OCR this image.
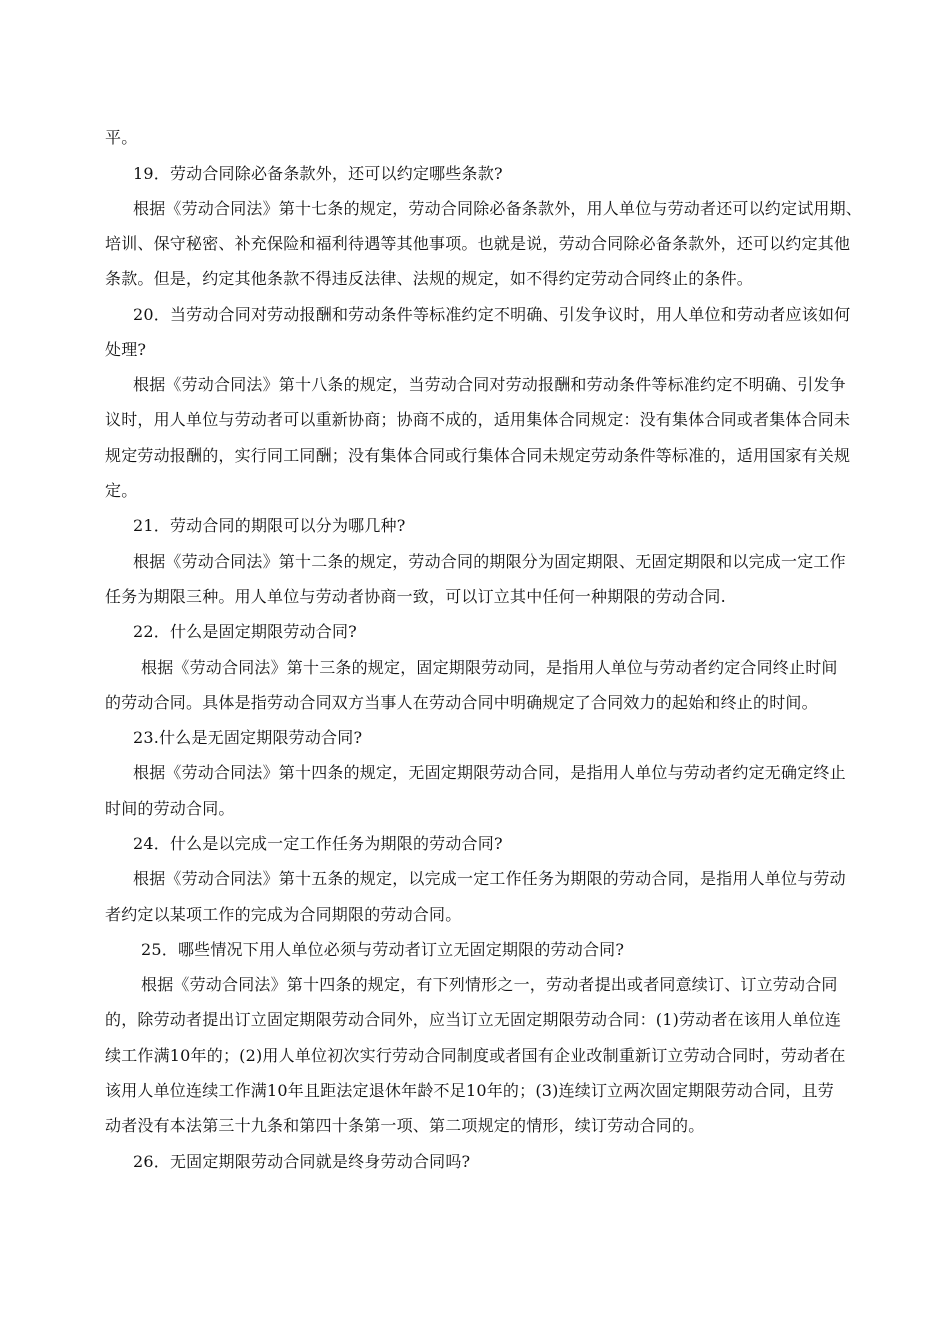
平。
19．劳动合同除必备条款外，还可以约定哪些条款?
根据《劳动合同法》第十七条的规定，劳动合同除必备条款外，用人单位与劳动者还可以约定试用期、
培训、保守秘密、补充保险和福利待遇等其他事项。也就是说，劳动合同除必备条款外，还可以约定其他
条款。但是，约定其他条款不得违反法律、法规的规定，如不得约定劳动合同终止的条件。
20．当劳动合同对劳动报酬和劳动条件等标准约定不明确、引发争议时，用人单位和劳动者应该如何
处理?
根据《劳动合同法》第十八条的规定，当劳动合同对劳动报酬和劳动条件等标准约定不明确、引发争
议时，用人单位与劳动者可以重新协商；协商不成的，适用集体合同规定：没有集体合同或者集体合同未
规定劳动报酬的，实行同工同酬；没有集体合同或行集体合同未规定劳动条件等标准的，适用国家有关规
定。
21．劳动合同的期限可以分为哪几种?
根据《劳动合同法》第十二条的规定，劳动合同的期限分为固定期限、无固定期限和以完成一定工作
任务为期限三种。用人单位与劳动者协商一致，可以订立其中任何一种期限的劳动合同.
22．什么是固定期限劳动合同?
根据《劳动合同法》第十三条的规定，固定期限劳动同，是指用人单位与劳动者约定合同终止时间
的劳动合同。具体是指劳动合同双方当事人在劳动合同中明确规定了合同效力的起始和终止的时间。
23.什么是无固定期限劳动合同?
根据《劳动合同法》第十四条的规定，无固定期限劳动合同，是指用人单位与劳动者约定无确定终止
时间的劳动合同。
24．什么是以完成一定工作任务为期限的劳动合同?
根据《劳动合同法》第十五条的规定，以完成一定工作任务为期限的劳动合同，是指用人单位与劳动
者约定以某项工作的完成为合同期限的劳动合同。
25．哪些情况下用人单位必须与劳动者订立无固定期限的劳动合同?
根据《劳动合同法》第十四条的规定，有下列情形之一，劳动者提出或者同意续订、订立劳动合同
的，除劳动者提出订立固定期限劳动合同外，应当订立无固定期限劳动合同：(1)劳动者在该用人单位连
续工作满10年的；(2)用人单位初次实行劳动合同制度或者国有企业改制重新订立劳动合同时，劳动者在
该用人单位连续工作满10年且距法定退休年龄不足10年的；(3)连续订立两次固定期限劳动合同，且劳
动者没有本法第三十九条和第四十条第一项、第二项规定的情形，续订劳动合同的。
26．无固定期限劳动合同就是终身劳动合同吗?
